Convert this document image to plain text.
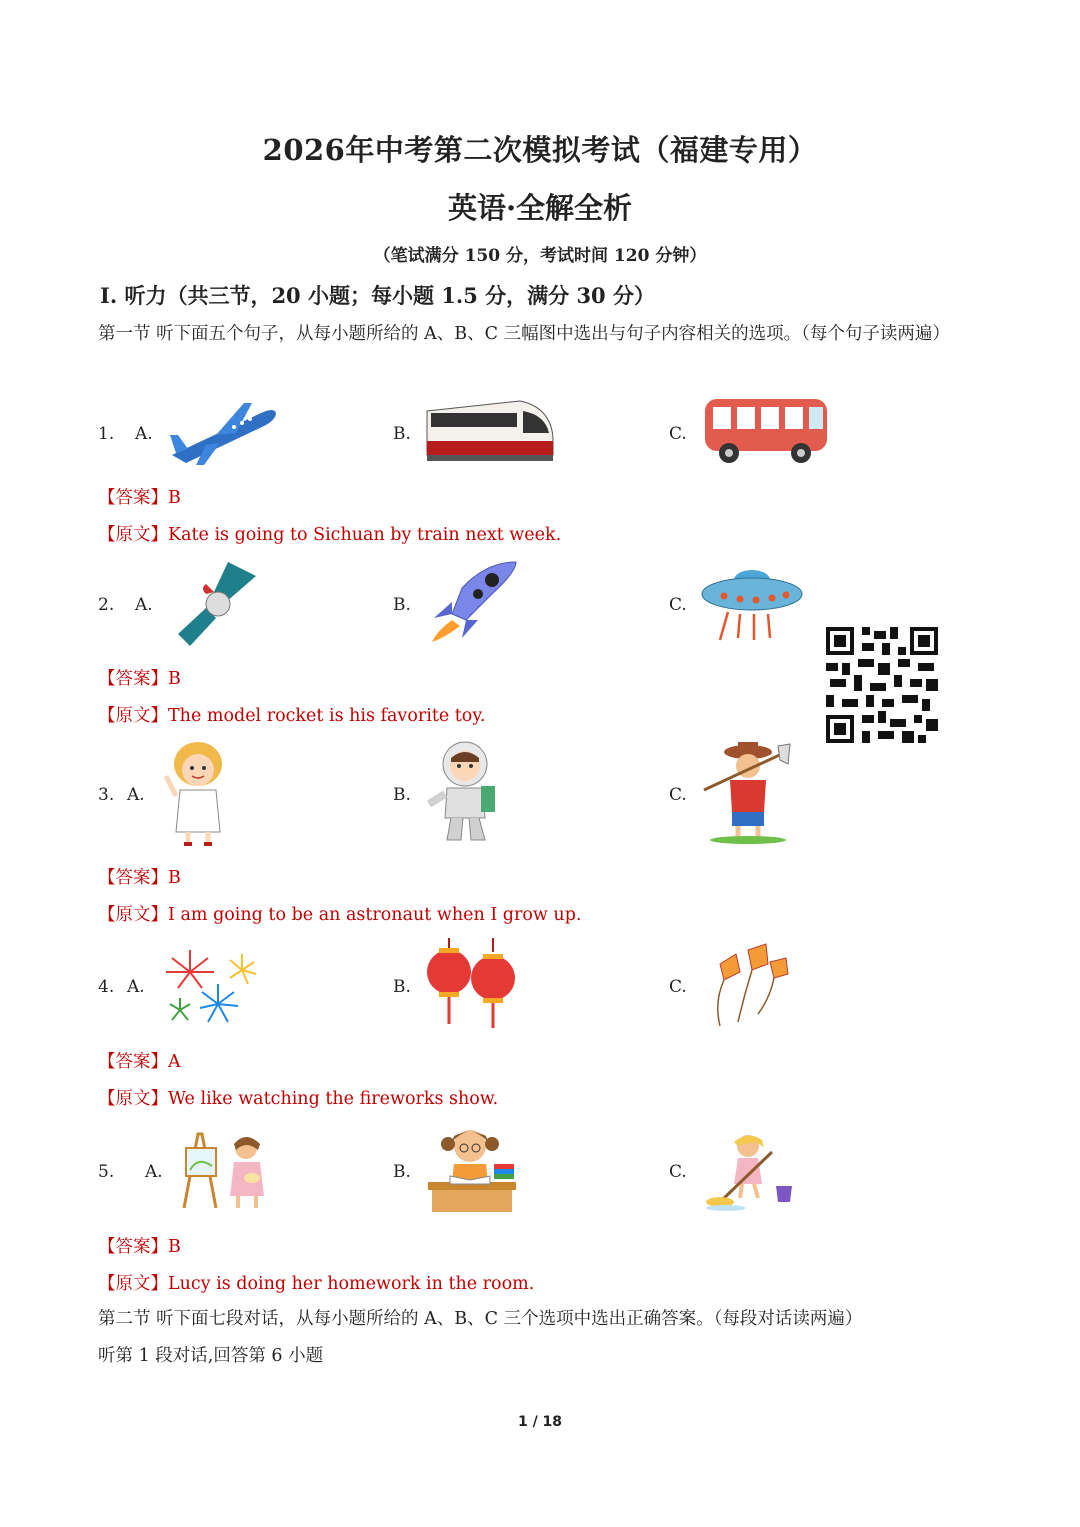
2026年中考第二次模拟考试（福建专用）
英语·全解全析
（笔试满分 150 分，考试时间 120 分钟）
Ⅰ. 听力（共三节，20 小题；每小题 1.5 分，满分 30 分）
第一节 听下面五个句子，从每小题所给的 A、B、C 三幅图中选出与句子内容相关的选项。（每个句子读两遍）
1. A.	B.	C.
【答案】B
【原文】Kate is going to Sichuan by train next week.
2. A.	B.	C.
【答案】B
【原文】The model rocket is his favorite toy.
3. A.	B.	C.
【答案】B
【原文】I am going to be an astronaut when I grow up.
4. A.	B.	C.
【答案】A
【原文】We like watching the fireworks show.
5. A.	B.	C.
【答案】B
【原文】Lucy is doing her homework in the room.
第二节 听下面七段对话，从每小题所给的 A、B、C 三个选项中选出正确答案。（每段对话读两遍）
听第 1 段对话,回答第 6 小题
1 / 18
